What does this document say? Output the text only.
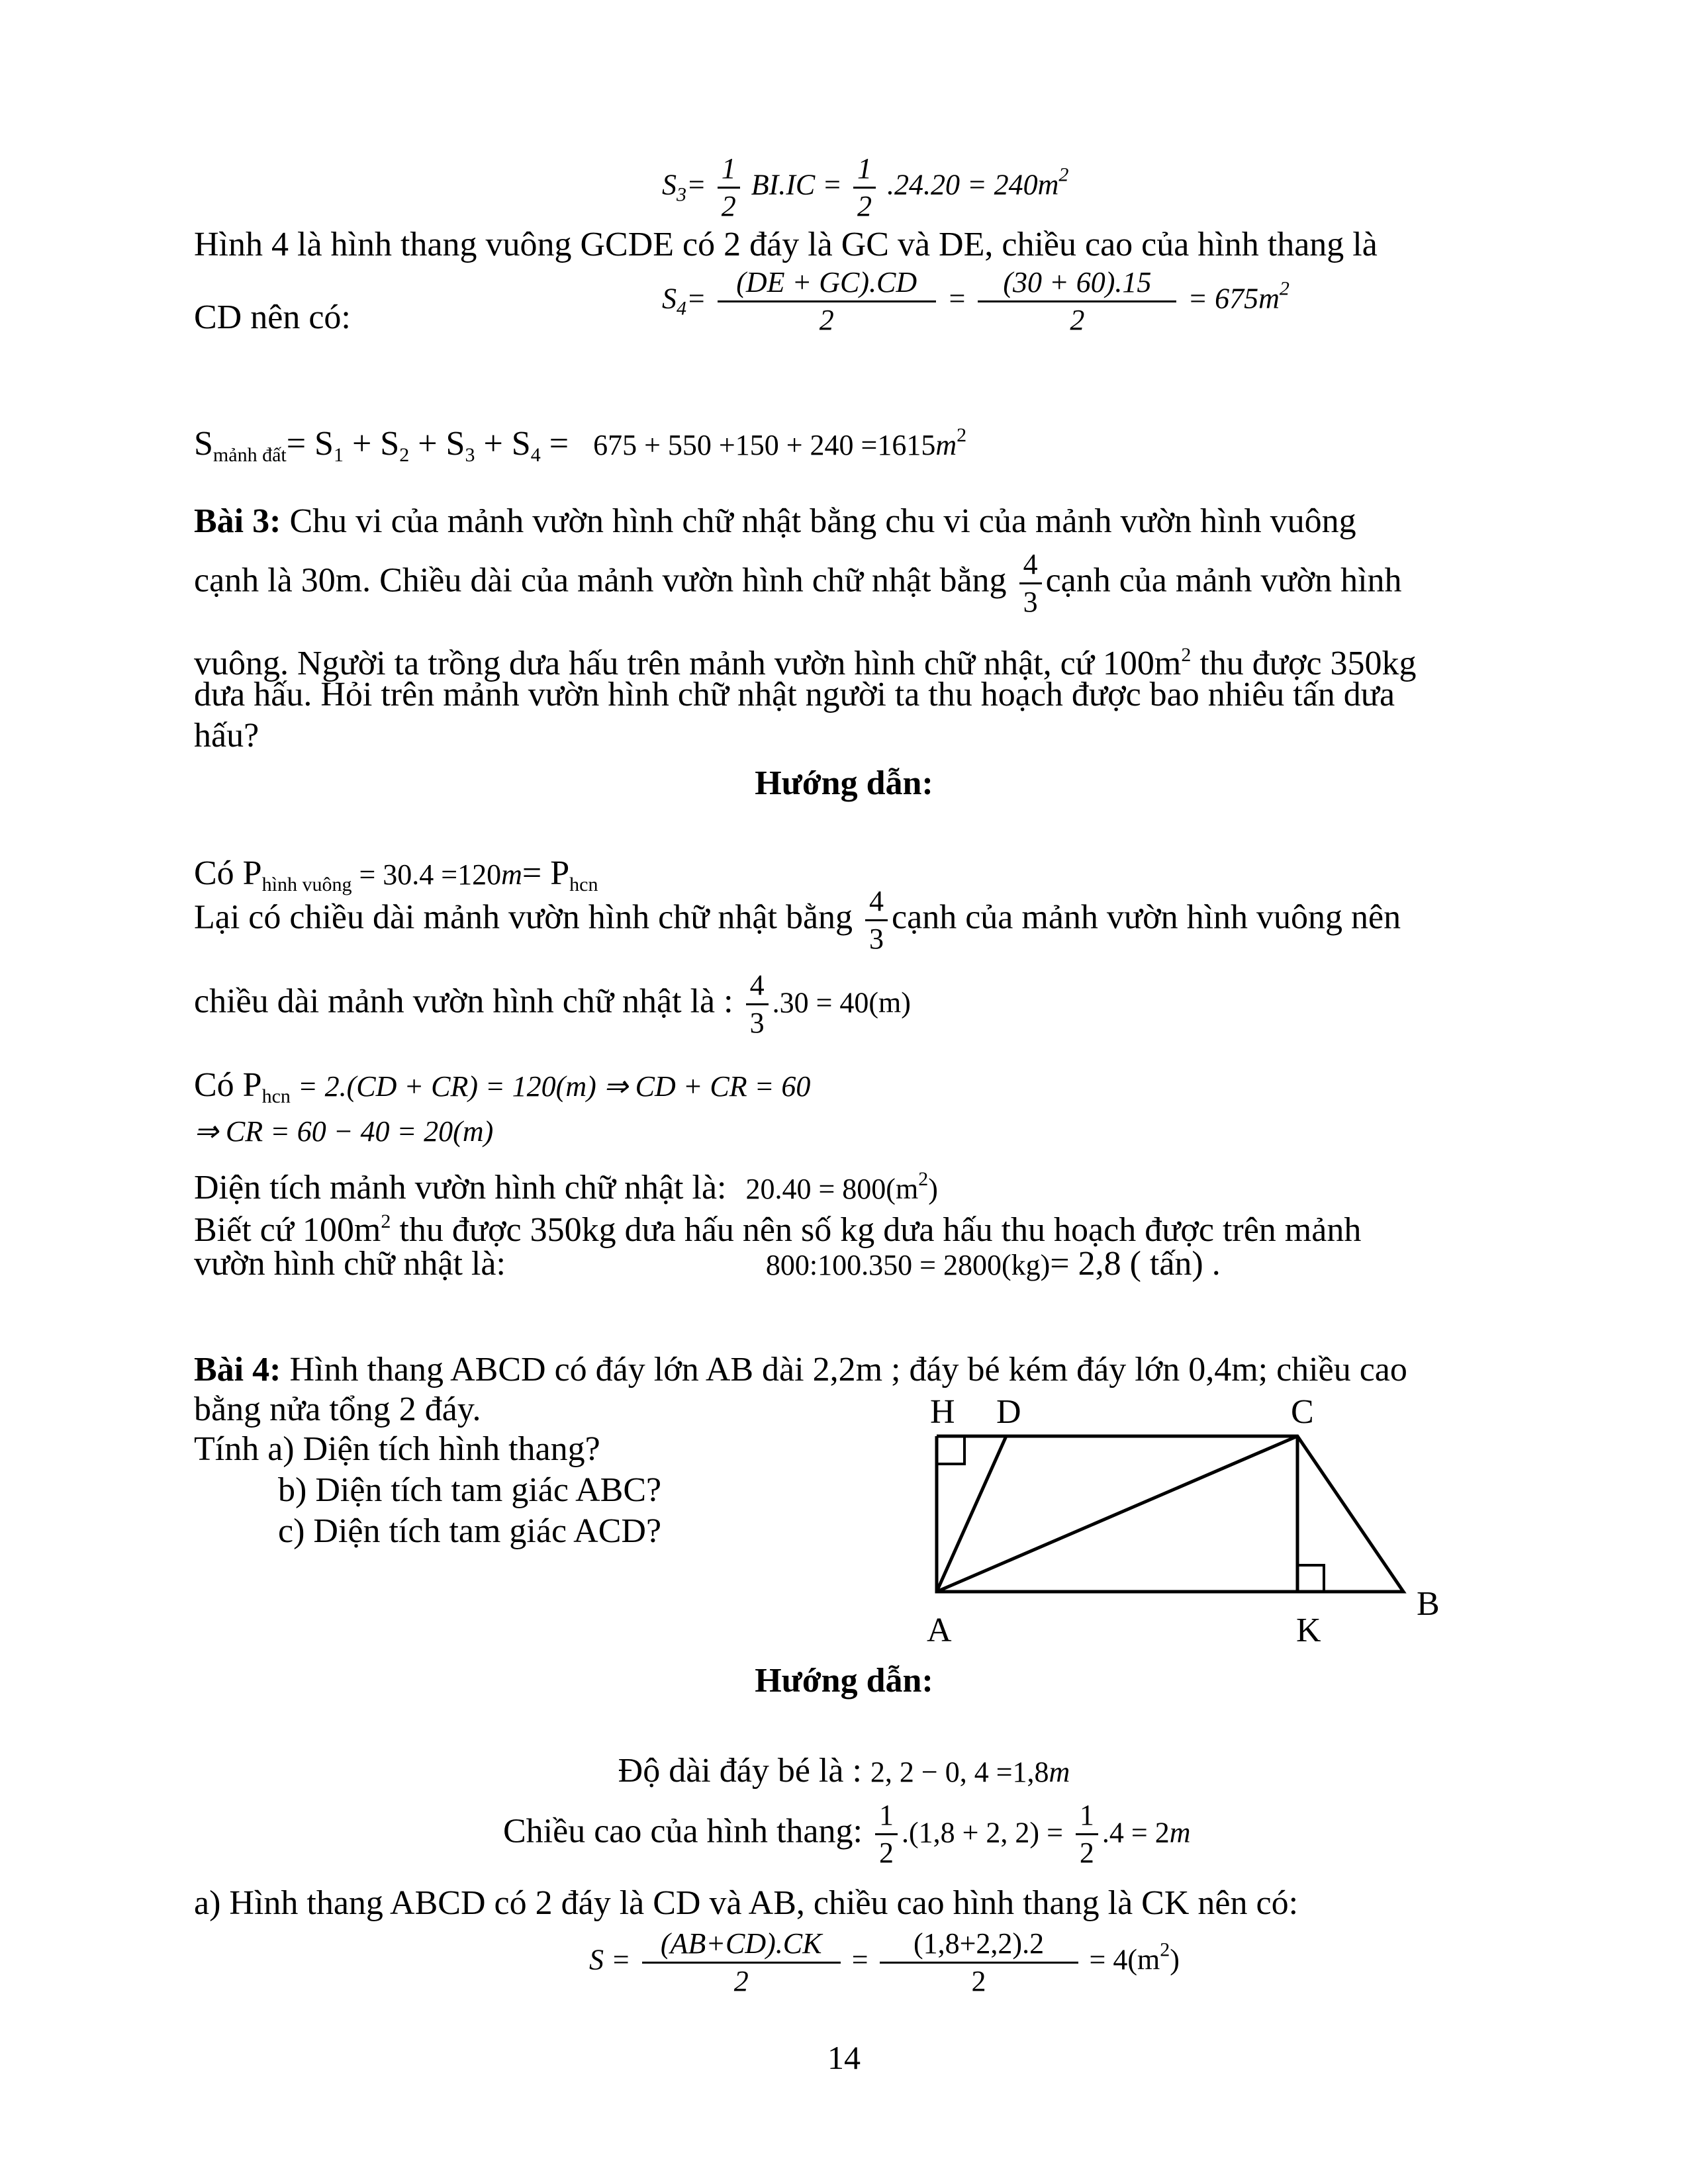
$S_3= \frac{1}{2} BI.IC = \frac{1}{2} .24.20 = 240m^2$
Hình 4 là hình thang vuông GCDE có 2 đáy là GC và DE, chiều cao của hình thang là
CD nên có:	$S_4= \frac{(DE + GC).CD}{2} = \frac{(30 + 60).15}{2} = 675m^2$
$S_{mảnh đất}= S_1 + S_2 + S_3 + S_4 = 675 + 550 +150 + 240 =1615m^2$
Bài 3: Chu vi của mảnh vườn hình chữ nhật bằng chu vi của mảnh vườn hình vuông
cạnh là 30m. Chiều dài của mảnh vườn hình chữ nhật bằng $\frac{4}{3}$ cạnh của mảnh vườn hình
vuông. Người ta trồng dưa hấu trên mảnh vườn hình chữ nhật, cứ $100m^2$ thu được 350kg
dưa hấu. Hỏi trên mảnh vườn hình chữ nhật người ta thu hoạch được bao nhiêu tấn dưa
hấu?
Hướng dẫn:
Có $P_{hình vuông} = 30.4 =120m= P_{hcn}$
Lại có chiều dài mảnh vườn hình chữ nhật bằng $\frac{4}{3}$ cạnh của mảnh vườn hình vuông nên
chiều dài mảnh vườn hình chữ nhật là : $\frac{4}{3} .30 = 40(m)$
Có $P_{hcn} = 2.(CD + CR) = 120(m)$ ⇒ CD + CR = 60
⇒ CR = 60 − 40 = 20(m)
Diện tích mảnh vườn hình chữ nhật là: $20.40 = 800(m^2)$
Biết cứ $100m^2$ thu được 350kg dưa hấu nên số kg dưa hấu thu hoạch được trên mảnh
vườn hình chữ nhật là:	800:100.350 = 2800(kg)= 2,8 ( tấn) .
Bài 4: Hình thang ABCD có đáy lớn AB dài 2,2m ; đáy bé kém đáy lớn 0,4m; chiều cao
bằng nửa tổng 2 đáy.
Tính a) Diện tích hình thang?
b) Diện tích tam giác ABC?
c) Diện tích tam giác ACD?
H D	C
A	K
B
Hướng dẫn:
Độ dài đáy bé là : 2, 2 − 0, 4 =1,8m
Chiều cao của hình thang: $\frac{1}{2} .(1,8 + 2$, $2) = \frac{1}{2} .4 = 2m$
a) Hình thang ABCD có 2 đáy là CD và AB, chiều cao hình thang là CK nên có:
$S = \frac{(AB+CD).CK}{2} = \frac{(1,8+2,2).2}{2} = 4(m^2)$
14
